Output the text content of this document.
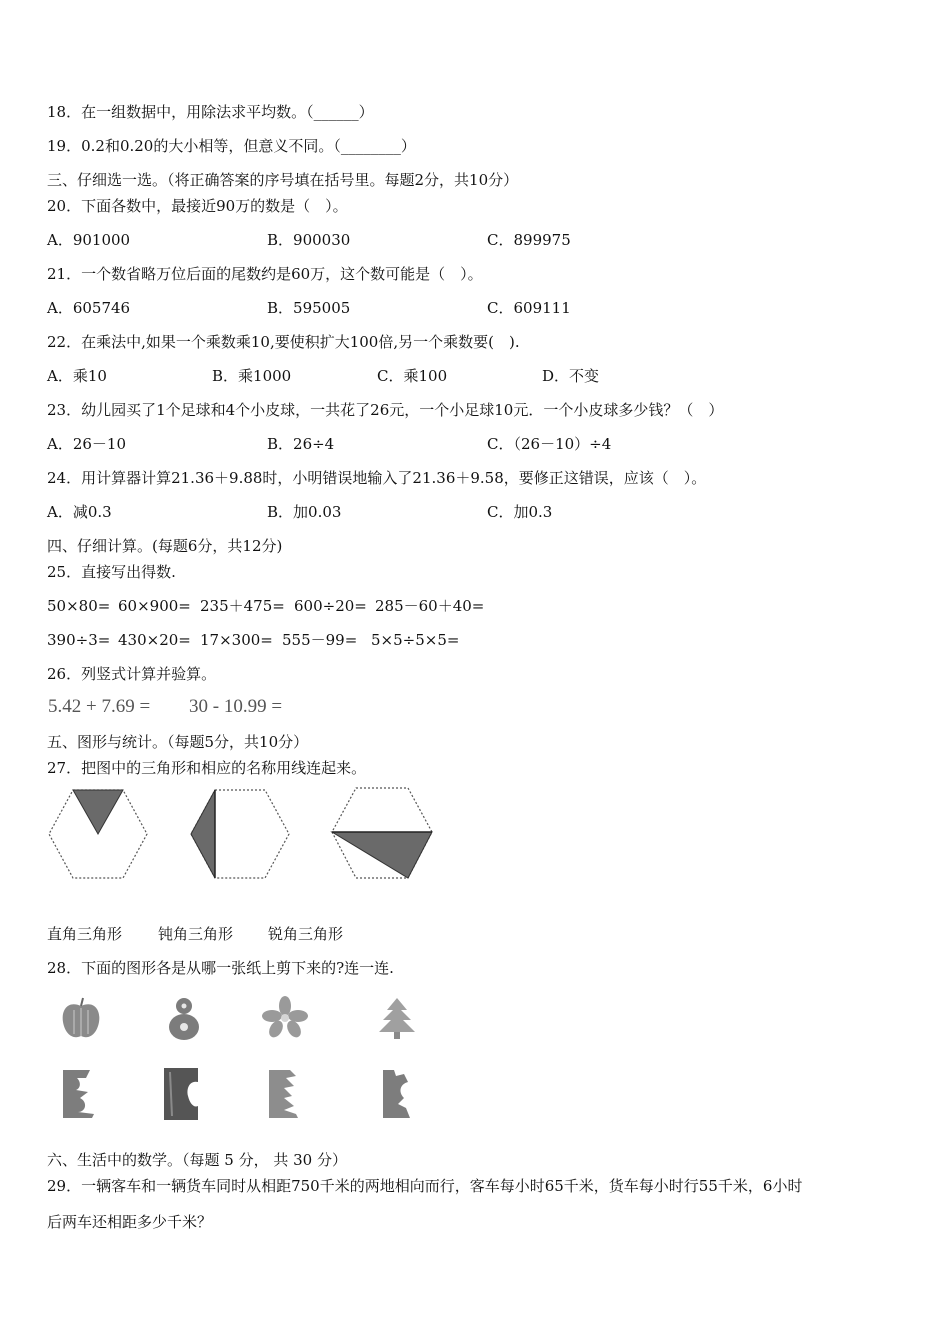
18．在一组数据中，用除法求平均数。（______）
19．0.2和0.20的大小相等，但意义不同。（________）
三、仔细选一选。（将正确答案的序号填在括号里。每题2分，共10分）
20．下面各数中，最接近90万的数是（　）。
A．901000	B．900030	C．899975
21．一个数省略万位后面的尾数约是60万，这个数可能是（　）。
A．605746	B．595005	C．609111
22．在乘法中,如果一个乘数乘10,要使积扩大100倍,另一个乘数要(　).
A．乘10	B．乘1000	C．乘100	D．不变
23．幼儿园买了1个足球和4个小皮球，一共花了26元，一个小足球10元．一个小皮球多少钱？（　）
A．26－10	B．26÷4	C．（26－10）÷4
24．用计算器计算21.36＋9.88时，小明错误地输入了21.36＋9.58，要修正这错误，应该（　）。
A．减0.3	B．加0.03	C．加0.3
四、仔细计算。(每题6分，共12分)
25．直接写出得数.
50×80= 60×900= 235＋475= 600÷20= 285－60＋40=
390÷3= 430×20= 17×300= 555－99= 5×5÷5×5=
26．列竖式计算并验算。
5.42 + 7.69 = 30 - 10.99 =
五、图形与统计。（每题5分，共10分）
27．把图中的三角形和相应的名称用线连起来。
直角三角形 钝角三角形 锐角三角形
28．下面的图形各是从哪一张纸上剪下来的?连一连.
六、生活中的数学。（每题 5 分， 共 30 分）
29．一辆客车和一辆货车同时从相距750千米的两地相向而行，客车每小时65千米，货车每小时行55千米，6小时
后两车还相距多少千米？
